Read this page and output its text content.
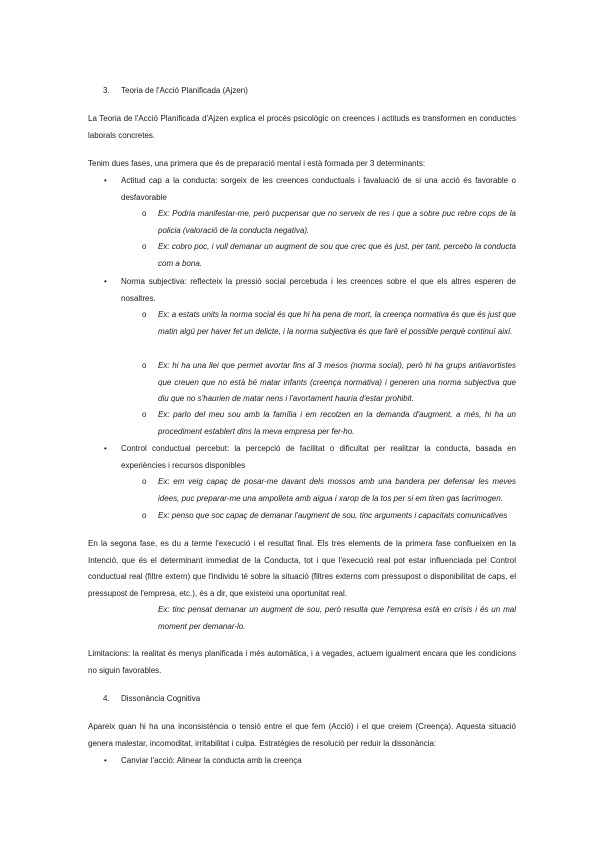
3. Teoria de l'Acció Planificada (Ajzen)

La Teoria de l'Acció Planificada d'Ajzen explica el procés psicològic on creences i actituds es transformen en conductes laborals concretes.

Tenim dues fases, una primera que és de preparació mental i està formada per 3 determinants:

• Actitud cap a la conducta: sorgeix de les creences conductuals i favaluació de si una acció és favorable o desfavorable
o Ex: Podria manifestar-me, però pucpensar que no serveix de res i que a sobre puc rebre cops de la policia (valoració de la conducta negativa).
o Ex: cobro poc, i vull demanar un augment de sou que crec que és just, per tant, percebo la conducta com a bona.
• Norma subjectiva: reflecteix la pressió social percebuda i les creences sobre el que els altres esperen de nosaltres.
o Ex: a estats units la norma social és que hi ha pena de mort, la creença normativa és que és just que matin algú per haver fet un delicte, i la norma subjectiva és que farè el possible perquè continuï així.
o Ex: hi ha una llei que permet avortar fins al 3 mesos (norma social), però hi ha grups antiavortistes que creuen que no està bé matar infants (creença normativa) i generen una norma subjectiva que diu que no s'haurien de matar nens i l'avortament hauria d'estar prohibit.
o Ex: parlo del meu sou amb la família i em recolzen en la demanda d'augment, a més, hi ha un procediment establert dins la meva empresa per fer-ho.
• Control conductual percebut: la percepció de facilitat o dificultat per realitzar la conducta, basada en experiències i recursos disponibles
o Ex: em veig capaç de posar-me davant dels mossos amb una bandera per defensar les meves idees, puc preparar-me una ampolleta amb aigua i xarop de la tos per si em tiren gas lacrimogen.
o Ex: penso que soc capaç de demanar l'augment de sou, tinc arguments i capacitats comunicatives

En la segona fase, es du a terme l'execució i el resultat final. Els tres elements de la primera fase conflueixen en la Intenció, que és el determinant immediat de la Conducta, tot i que l'execució real pot estar influenciada pel Control conductual real (filtre extern) que l'individu té sobre la situació (filtres externs com pressupost o disponibilitat de caps, el pressupost de l'empresa, etc.), és a dir, que existeixi una oportunitat real.

Ex: tinc pensat demanar un augment de sou, però resulta que l'empresa està en crisis i és un mal moment per demanar-lo.

Limitacions: la realitat és menys planificada i més automàtica, i a vegades, actuem igualment encara que les condicions no siguin favorables.

4. Dissonància Cognitiva

Apareix quan hi ha una inconsistència o tensió entre el que fem (Acció) i el que creiem (Creença). Aquesta situació genera malestar, incomoditat, irritabilitat i culpa. Estratègies de resolució per reduir la dissonància:

• Canviar l'acció: Alinear la conducta amb la creença
